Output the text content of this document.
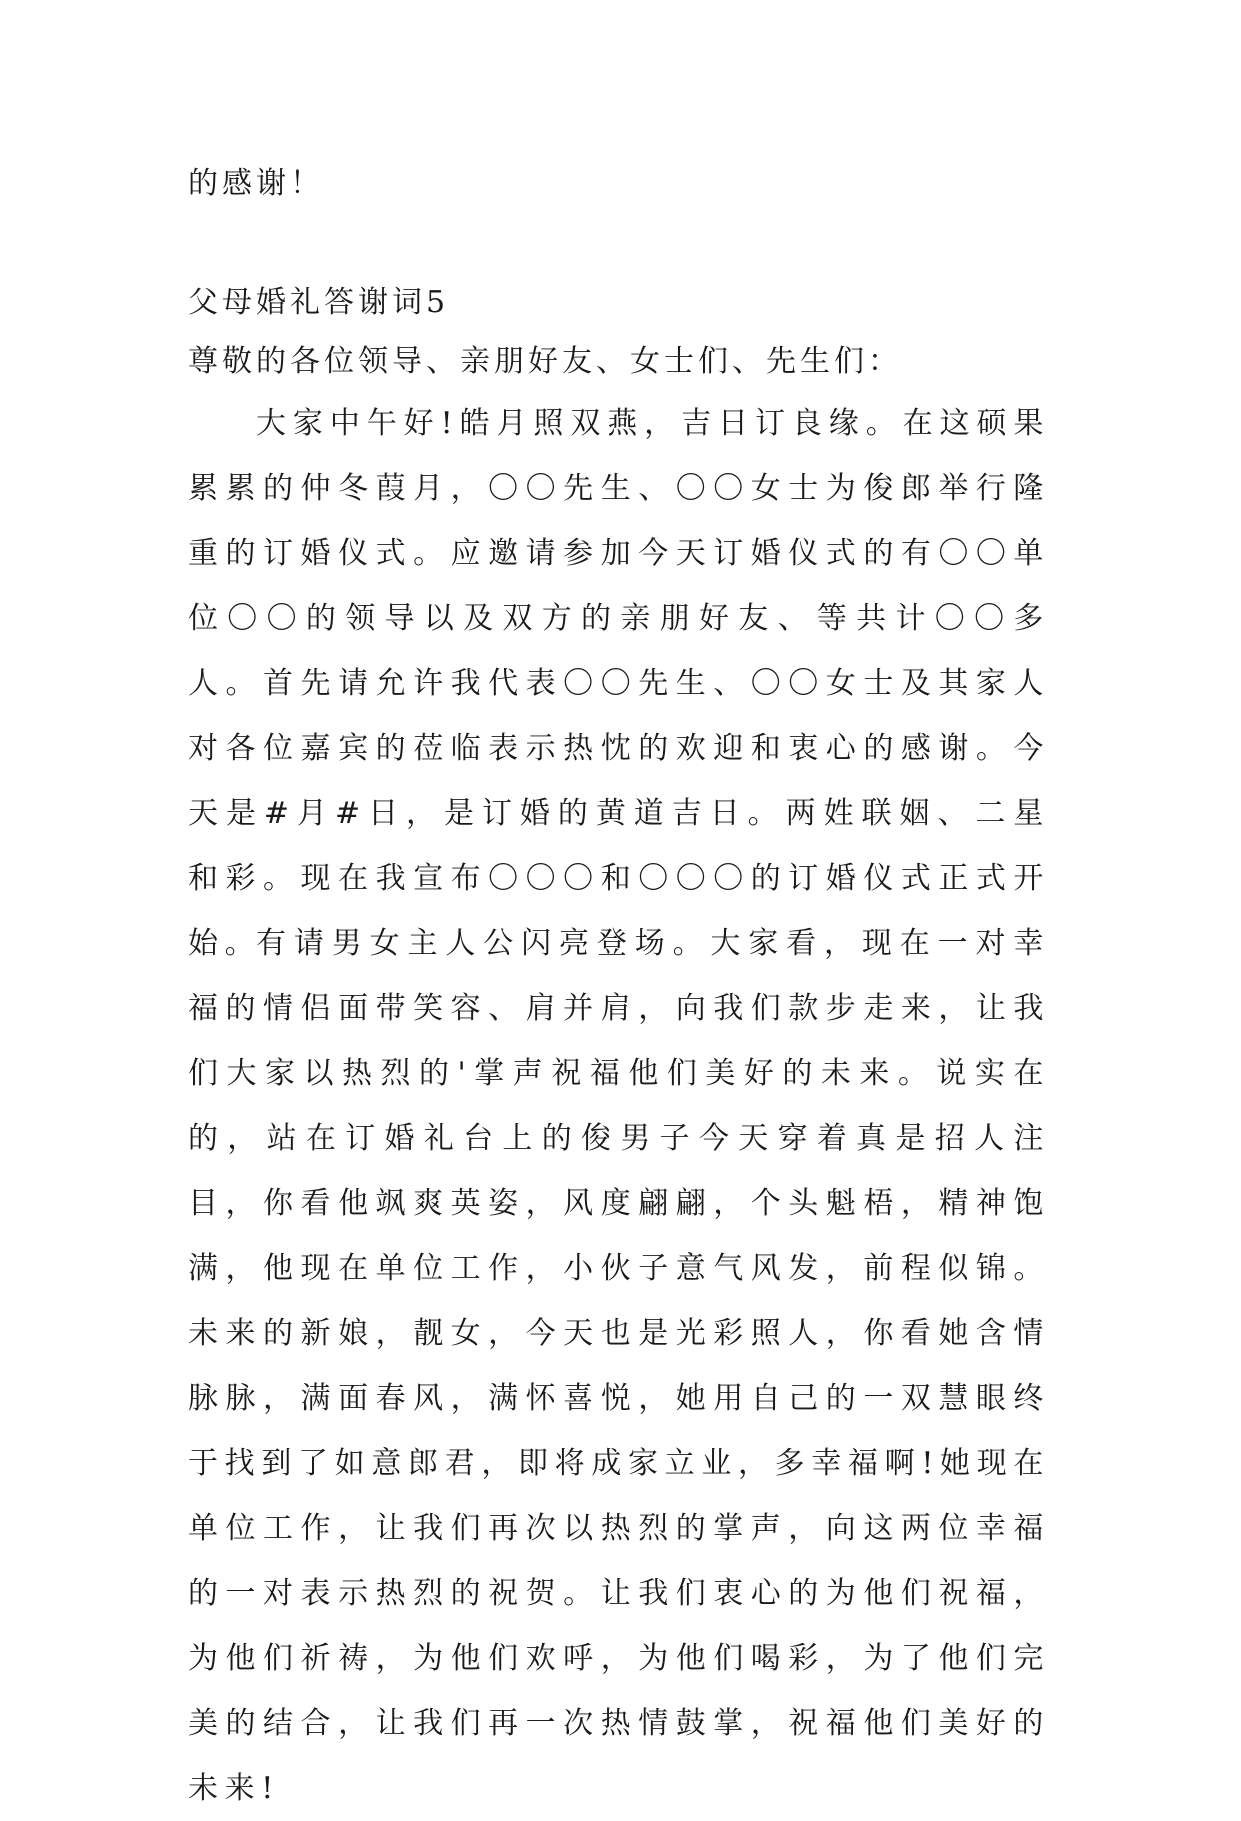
的感谢！
父母婚礼答谢词5
尊敬的各位领导、亲朋好友、女士们、先生们：
大家中午好!皓月照双燕，吉日订良缘。在这硕果累累的仲冬葭月，〇〇先生、〇〇女士为俊郎举行隆重的订婚仪式。应邀请参加今天订婚仪式的有〇〇单位〇〇的领导以及双方的亲朋好友、等共计〇〇多人。首先请允许我代表〇〇先生、〇〇女士及其家人对各位嘉宾的莅临表示热忱的欢迎和衷心的感谢。今天是#月#日，是订婚的黄道吉日。两姓联姻、二星和彩。现在我宣布〇〇〇和〇〇〇的订婚仪式正式开始。
有请男女主人公闪亮登场。大家看，现在一对幸福的情侣面带笑容、肩并肩，向我们款步走来，让我们大家以热烈的'掌声祝福他们美好的未来。说实在的，站在订婚礼台上的俊男子今天穿着真是招人注目，你看他飒爽英姿，风度翩翩，个头魁梧，精神饱满，他现在单位工作，小伙子意气风发，前程似锦。未来的新娘，靓女，今天也是光彩照人，你看她含情脉脉，满面春风，满怀喜悦，她用自己的一双慧眼终于找到了如意郎君，即将成家立业，多幸福啊!她现在单位工作，让我们再次以热烈的掌声，向这两位幸福的一对表示热烈的祝贺。让我们衷心的为他们祝福，为他们祈祷，为他们欢呼，为他们喝彩，为了他们完美的结合，让我们再一次热情鼓掌，祝福他们美好的未来!
